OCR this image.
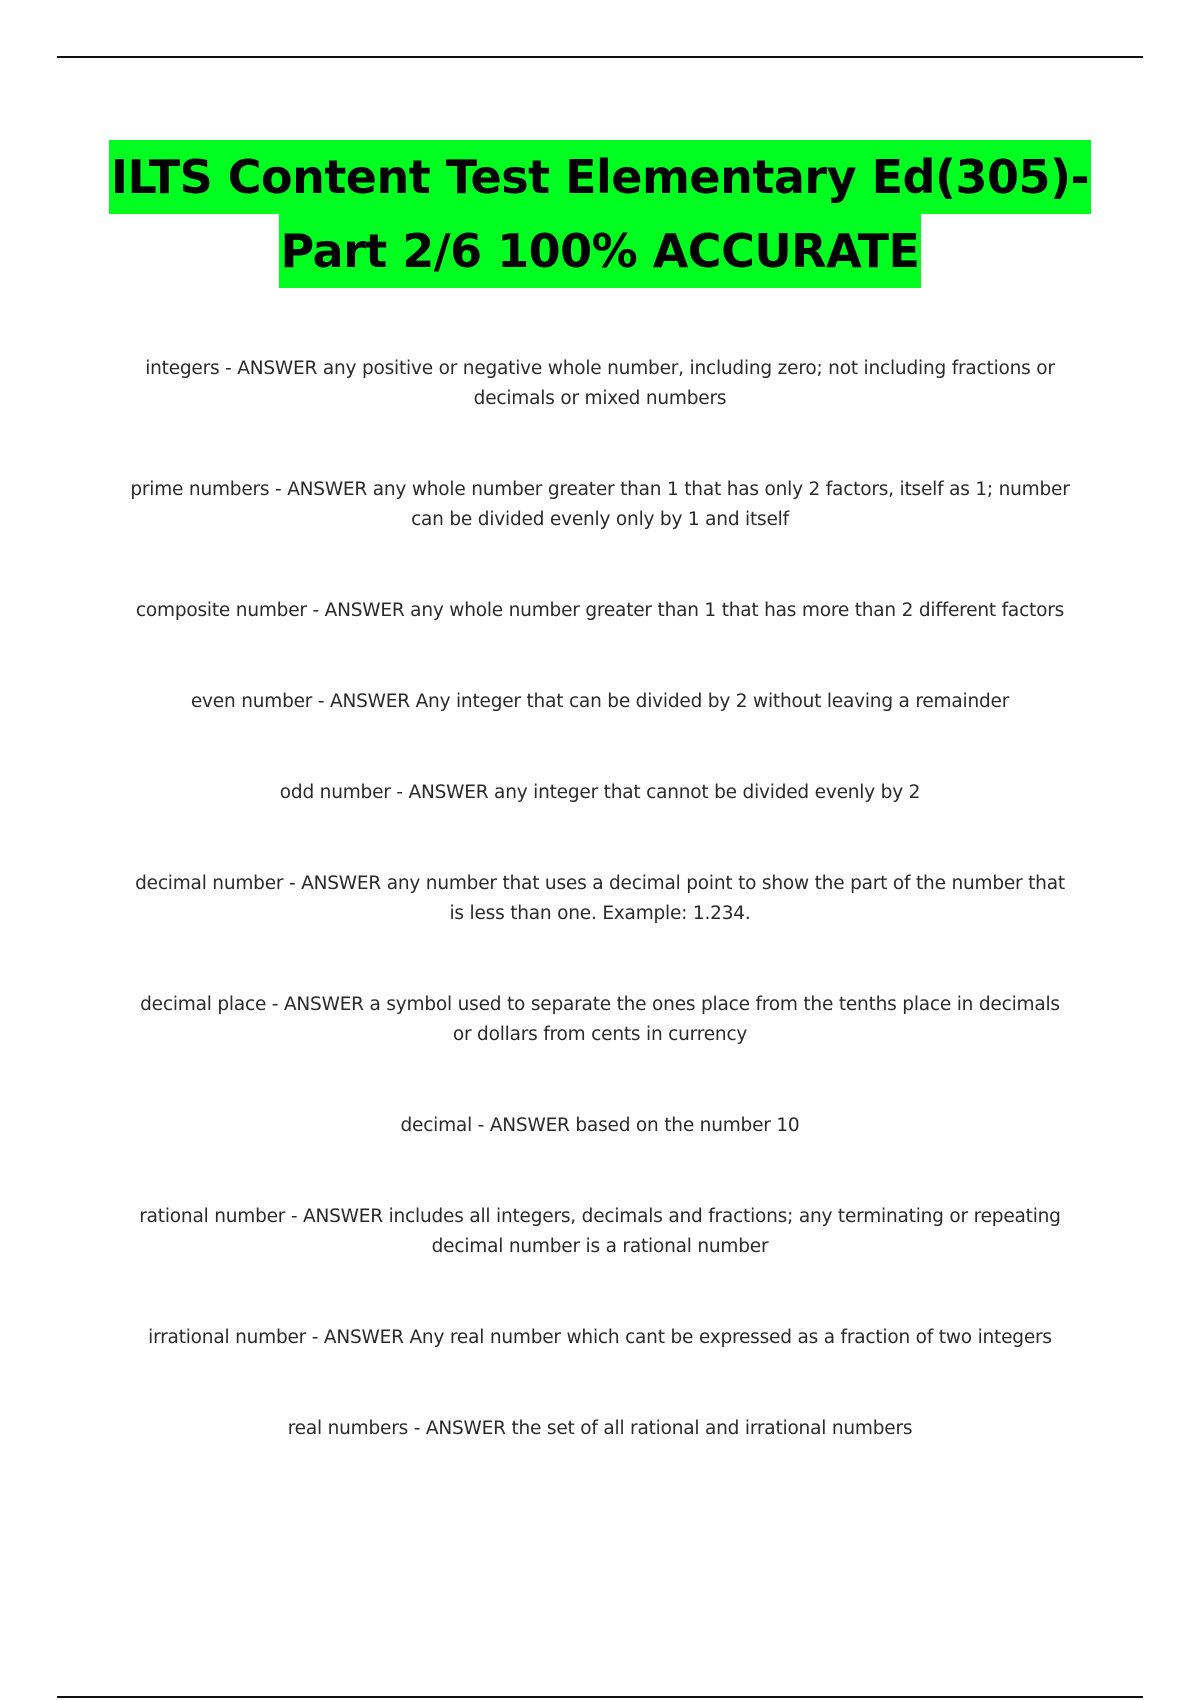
ILTS Content Test Elementary Ed(305)-
Part 2/6 100% ACCURATE
integers - ANSWER any positive or negative whole number, including zero; not including fractions or decimals or mixed numbers
prime numbers - ANSWER any whole number greater than 1 that has only 2 factors, itself as 1; number can be divided evenly only by 1 and itself
composite number - ANSWER any whole number greater than 1 that has more than 2 different factors
even number - ANSWER Any integer that can be divided by 2 without leaving a remainder
odd number - ANSWER any integer that cannot be divided evenly by 2
decimal number - ANSWER any number that uses a decimal point to show the part of the number that is less than one. Example: 1.234.
decimal place - ANSWER a symbol used to separate the ones place from the tenths place in decimals or dollars from cents in currency
decimal - ANSWER based on the number 10
rational number - ANSWER includes all integers, decimals and fractions; any terminating or repeating decimal number is a rational number
irrational number - ANSWER Any real number which cant be expressed as a fraction of two integers
real numbers - ANSWER the set of all rational and irrational numbers
